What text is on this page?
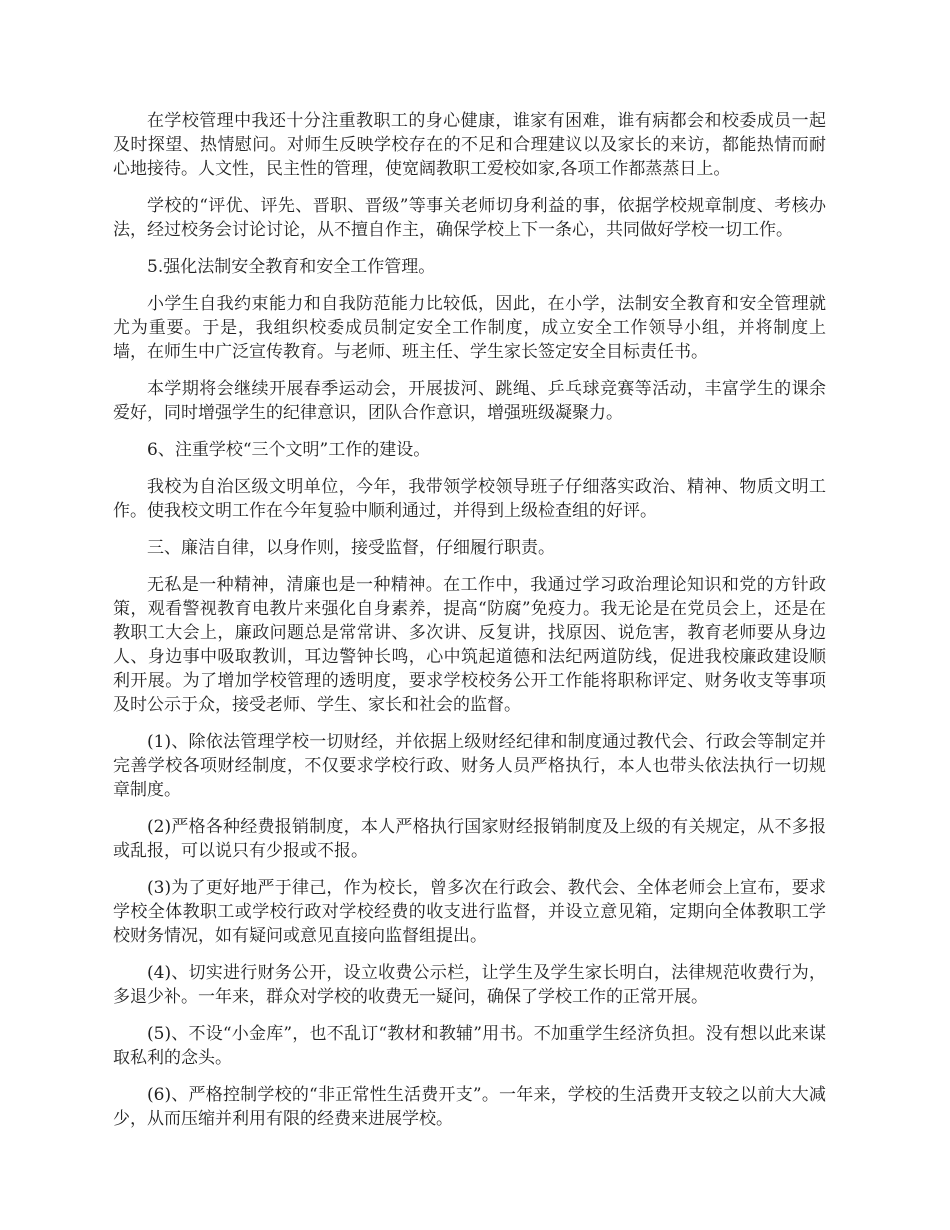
在学校管理中我还十分注重教职工的身心健康，谁家有困难，谁有病都会和校委成员一起及时探望、热情慰问。对师生反映学校存在的不足和合理建议以及家长的来访，都能热情而耐心地接待。人文性，民主性的管理，使宽阔教职工爱校如家,各项工作都蒸蒸日上。

学校的“评优、评先、晋职、晋级”等事关老师切身利益的事，依据学校规章制度、考核办法，经过校务会讨论讨论，从不擅自作主，确保学校上下一条心，共同做好学校一切工作。

5.强化法制安全教育和安全工作管理。

小学生自我约束能力和自我防范能力比较低，因此，在小学，法制安全教育和安全管理就尤为重要。于是，我组织校委成员制定安全工作制度，成立安全工作领导小组，并将制度上墙，在师生中广泛宣传教育。与老师、班主任、学生家长签定安全目标责任书。

本学期将会继续开展春季运动会，开展拔河、跳绳、乒乓球竞赛等活动，丰富学生的课余爱好，同时增强学生的纪律意识，团队合作意识，增强班级凝聚力。

6、注重学校“三个文明”工作的建设。

我校为自治区级文明单位，今年，我带领学校领导班子仔细落实政治、精神、物质文明工作。使我校文明工作在今年复验中顺利通过，并得到上级检查组的好评。

三、廉洁自律，以身作则，接受监督，仔细履行职责。

无私是一种精神，清廉也是一种精神。在工作中，我通过学习政治理论知识和党的方针政策，观看警视教育电教片来强化自身素养，提高“防腐”免疫力。我无论是在党员会上，还是在教职工大会上，廉政问题总是常常讲、多次讲、反复讲，找原因、说危害，教育老师要从身边人、身边事中吸取教训，耳边警钟长鸣，心中筑起道德和法纪两道防线，促进我校廉政建设顺利开展。为了增加学校管理的透明度，要求学校校务公开工作能将职称评定、财务收支等事项及时公示于众，接受老师、学生、家长和社会的监督。

(1)、除依法管理学校一切财经，并依据上级财经纪律和制度通过教代会、行政会等制定并完善学校各项财经制度，不仅要求学校行政、财务人员严格执行，本人也带头依法执行一切规章制度。

(2)严格各种经费报销制度，本人严格执行国家财经报销制度及上级的有关规定，从不多报或乱报，可以说只有少报或不报。

(3)为了更好地严于律己，作为校长，曾多次在行政会、教代会、全体老师会上宣布，要求学校全体教职工或学校行政对学校经费的收支进行监督，并设立意见箱，定期向全体教职工学校财务情况，如有疑问或意见直接向监督组提出。

(4)、切实进行财务公开，设立收费公示栏，让学生及学生家长明白，法律规范收费行为，多退少补。一年来，群众对学校的收费无一疑问，确保了学校工作的正常开展。

(5)、不设“小金库”，也不乱订“教材和教辅”用书。不加重学生经济负担。没有想以此来谋取私利的念头。

(6)、严格控制学校的“非正常性生活费开支”。一年来，学校的生活费开支较之以前大大减少，从而压缩并利用有限的经费来进展学校。
